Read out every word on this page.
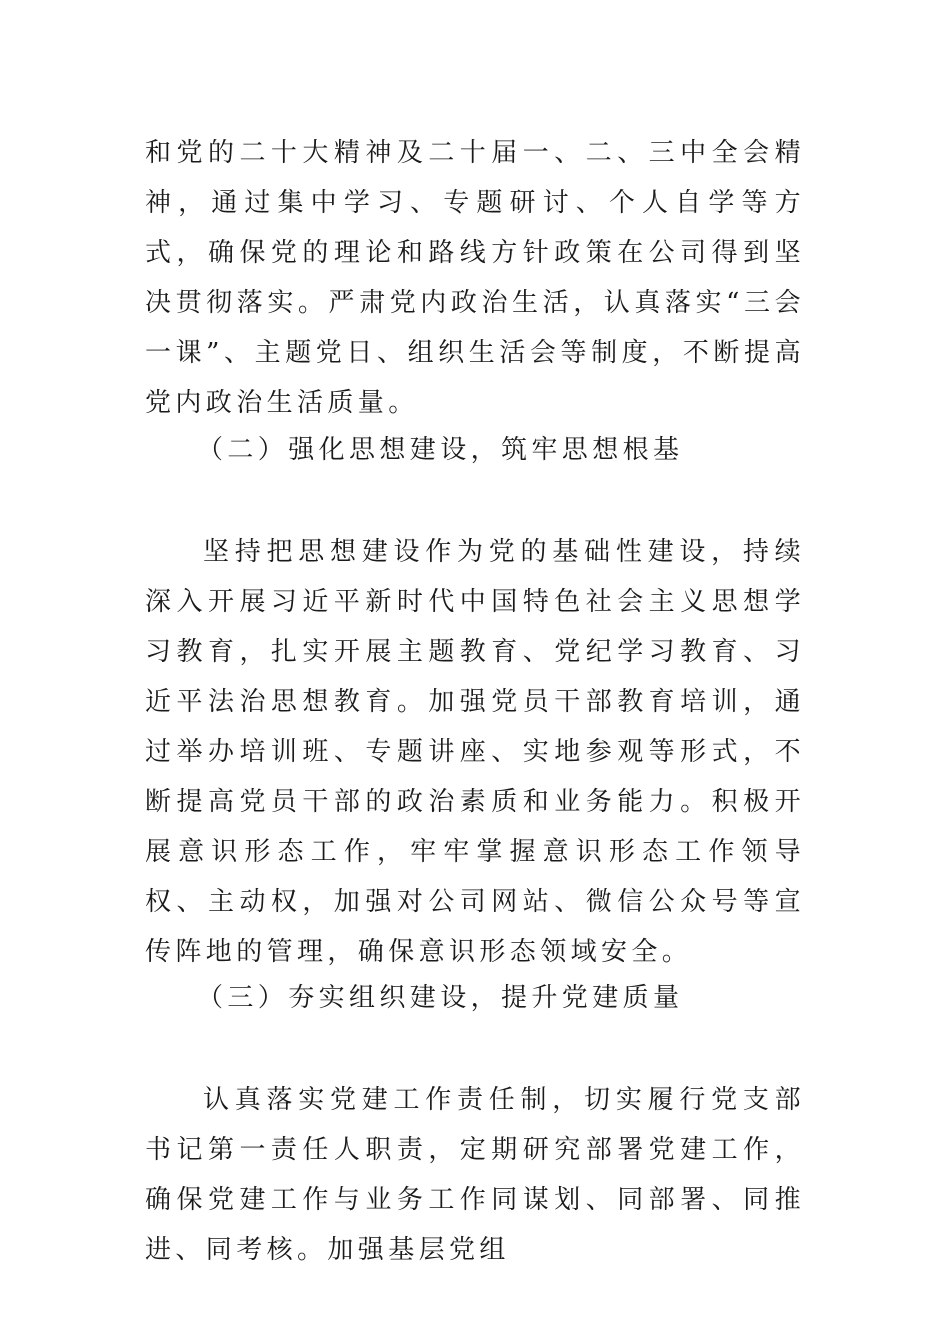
和党的二十大精神及二十届一、二、三中全会精神，通过集中学习、专题研讨、个人自学等方式，确保党的理论和路线方针政策在公司得到坚决贯彻落实。严肃党内政治生活，认真落实“三会一课”、主题党日、组织生活会等制度，不断提高党内政治生活质量。

（二）强化思想建设，筑牢思想根基

坚持把思想建设作为党的基础性建设，持续深入开展习近平新时代中国特色社会主义思想学习教育，扎实开展主题教育、党纪学习教育、习近平法治思想教育。加强党员干部教育培训，通过举办培训班、专题讲座、实地参观等形式，不断提高党员干部的政治素质和业务能力。积极开展意识形态工作，牢牢掌握意识形态工作领导权、主动权，加强对公司网站、微信公众号等宣传阵地的管理，确保意识形态领域安全。

（三）夯实组织建设，提升党建质量

认真落实党建工作责任制，切实履行党支部书记第一责任人职责，定期研究部署党建工作，确保党建工作与业务工作同谋划、同部署、同推进、同考核。加强基层党组
